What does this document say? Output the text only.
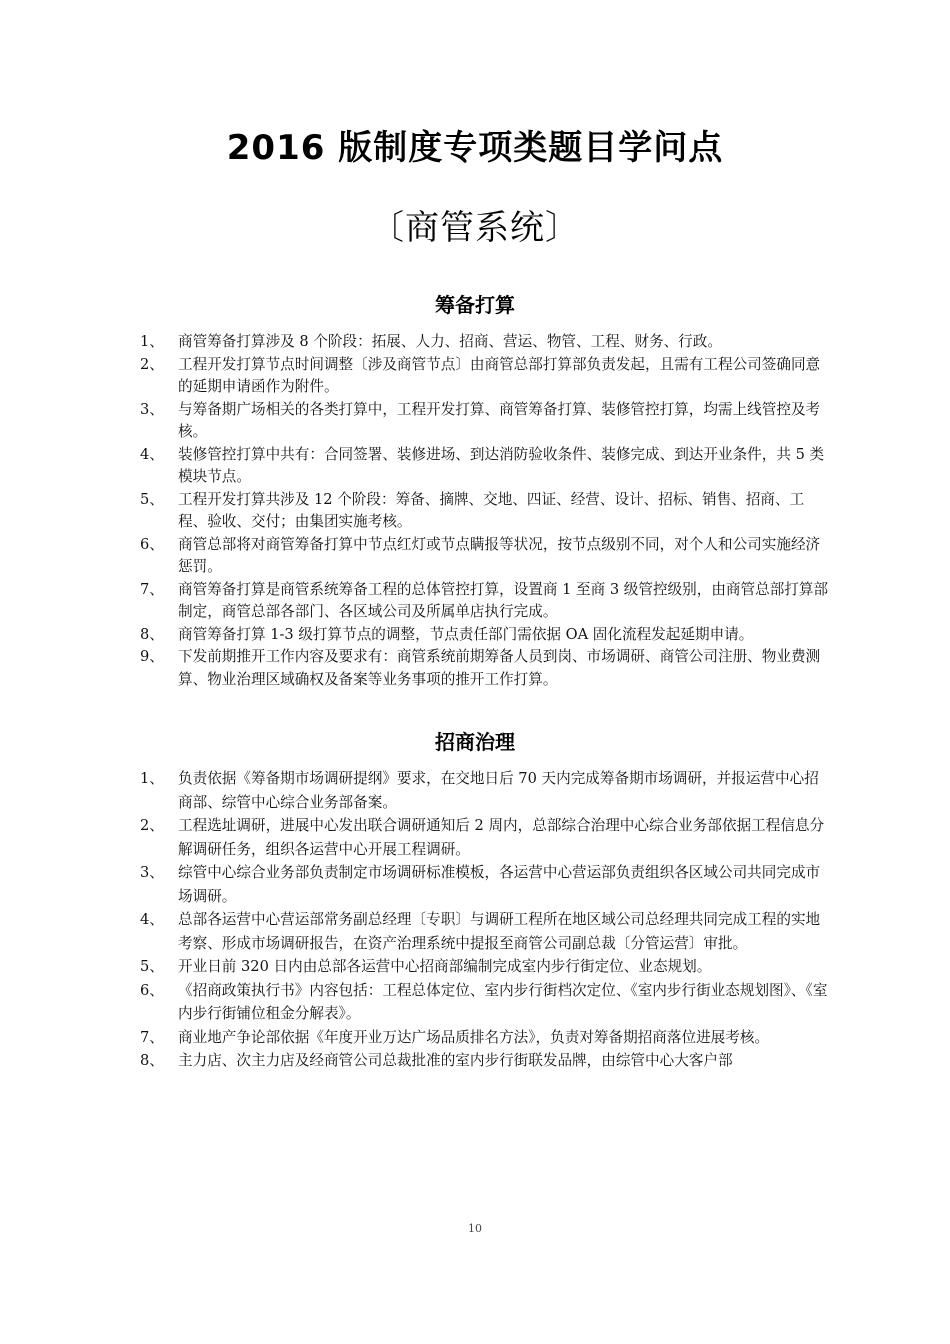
2016 版制度专项类题目学问点
〔商管系统〕
筹备打算
1、 商管筹备打算涉及 8 个阶段：拓展、人力、招商、营运、物管、工程、财务、行政。
2、 工程开发打算节点时间调整〔涉及商管节点〕由商管总部打算部负责发起，且需有工程公司签确同意的延期申请函作为附件。
3、 与筹备期广场相关的各类打算中，工程开发打算、商管筹备打算、装修管控打算，均需上线管控及考核。
4、 装修管控打算中共有：合同签署、装修进场、到达消防验收条件、装修完成、到达开业条件，共 5 类模块节点。
5、 工程开发打算共涉及 12 个阶段：筹备、摘牌、交地、四证、经营、设计、招标、销售、招商、工程、验收、交付；由集团实施考核。
6、 商管总部将对商管筹备打算中节点红灯或节点瞒报等状况，按节点级别不同，对个人和公司实施经济惩罚。
7、 商管筹备打算是商管系统筹备工程的总体管控打算，设置商 1 至商 3 级管控级别，由商管总部打算部制定，商管总部各部门、各区域公司及所属单店执行完成。
8、 商管筹备打算 1-3 级打算节点的调整，节点责任部门需依据 OA 固化流程发起延期申请。
9、 下发前期推开工作内容及要求有：商管系统前期筹备人员到岗、市场调研、商管公司注册、物业费测算、物业治理区域确权及备案等业务事项的推开工作打算。
招商治理
1、 负责依据《筹备期市场调研提纲》要求，在交地日后 70 天内完成筹备期市场调研，并报运营中心招商部、综管中心综合业务部备案。
2、 工程选址调研，进展中心发出联合调研通知后 2 周内，总部综合治理中心综合业务部依据工程信息分解调研任务，组织各运营中心开展工程调研。
3、 综管中心综合业务部负责制定市场调研标准模板，各运营中心营运部负责组织各区域公司共同完成市场调研。
4、 总部各运营中心营运部常务副总经理〔专职〕与调研工程所在地区域公司总经理共同完成工程的实地考察、形成市场调研报告，在资产治理系统中提报至商管公司副总裁〔分管运营〕审批。
5、 开业日前 320 日内由总部各运营中心招商部编制完成室内步行街定位、业态规划。
6、 《招商政策执行书》内容包括：工程总体定位、室内步行街档次定位、《室内步行街业态规划图》、《室内步行街铺位租金分解表》。
7、 商业地产争论部依据《年度开业万达广场品质排名方法》，负责对筹备期招商落位进展考核。
8、 主力店、次主力店及经商管公司总裁批准的室内步行街联发品牌，由综管中心大客户部
10
